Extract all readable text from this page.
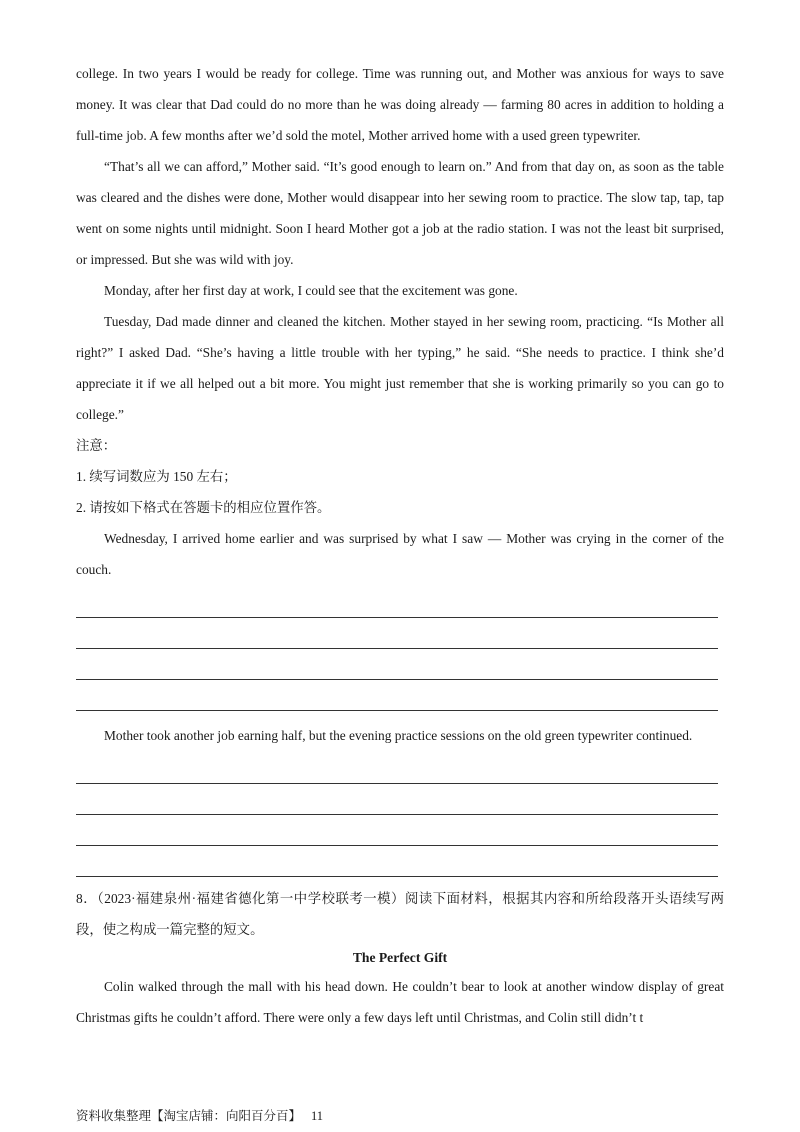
college. In two years I would be ready for college. Time was running out, and Mother was anxious for ways to save money. It was clear that Dad could do no more than he was doing already — farming 80 acres in addition to holding a full-time job. A few months after we’d sold the motel, Mother arrived home with a used green typewriter.

“That’s all we can afford,” Mother said. “It’s good enough to learn on.” And from that day on, as soon as the table was cleared and the dishes were done, Mother would disappear into her sewing room to practice. The slow tap, tap, tap went on some nights until midnight. Soon I heard Mother got a job at the radio station. I was not the least bit surprised, or impressed. But she was wild with joy.

Monday, after her first day at work, I could see that the excitement was gone.

Tuesday, Dad made dinner and cleaned the kitchen. Mother stayed in her sewing room, practicing. “Is Mother all right?” I asked Dad. “She’s having a little trouble with her typing,” he said. “She needs to practice. I think she’d appreciate it if we all helped out a bit more. You might just remember that she is working primarily so you can go to college.”

注意：

1. 续写词数应为 150 左右；

2. 请按如下格式在答题卡的相应位置作答。

Wednesday, I arrived home earlier and was surprised by what I saw — Mother was crying in the corner of the couch.

Mother took another job earning half, but the evening practice sessions on the old green typewriter continued.

8．（2023·福建泉州·福建省德化第一中学校联考一模）阅读下面材料，根据其内容和所给段落开头语续写两段，使之构成一篇完整的短文。

The Perfect Gift

Colin walked through the mall with his head down. He couldn’t bear to look at another window display of great Christmas gifts he couldn’t afford. There were only a few days left until Christmas, and Colin still didn’t t

资料收集整理【淘宝店铺：向阳百分百】 11
